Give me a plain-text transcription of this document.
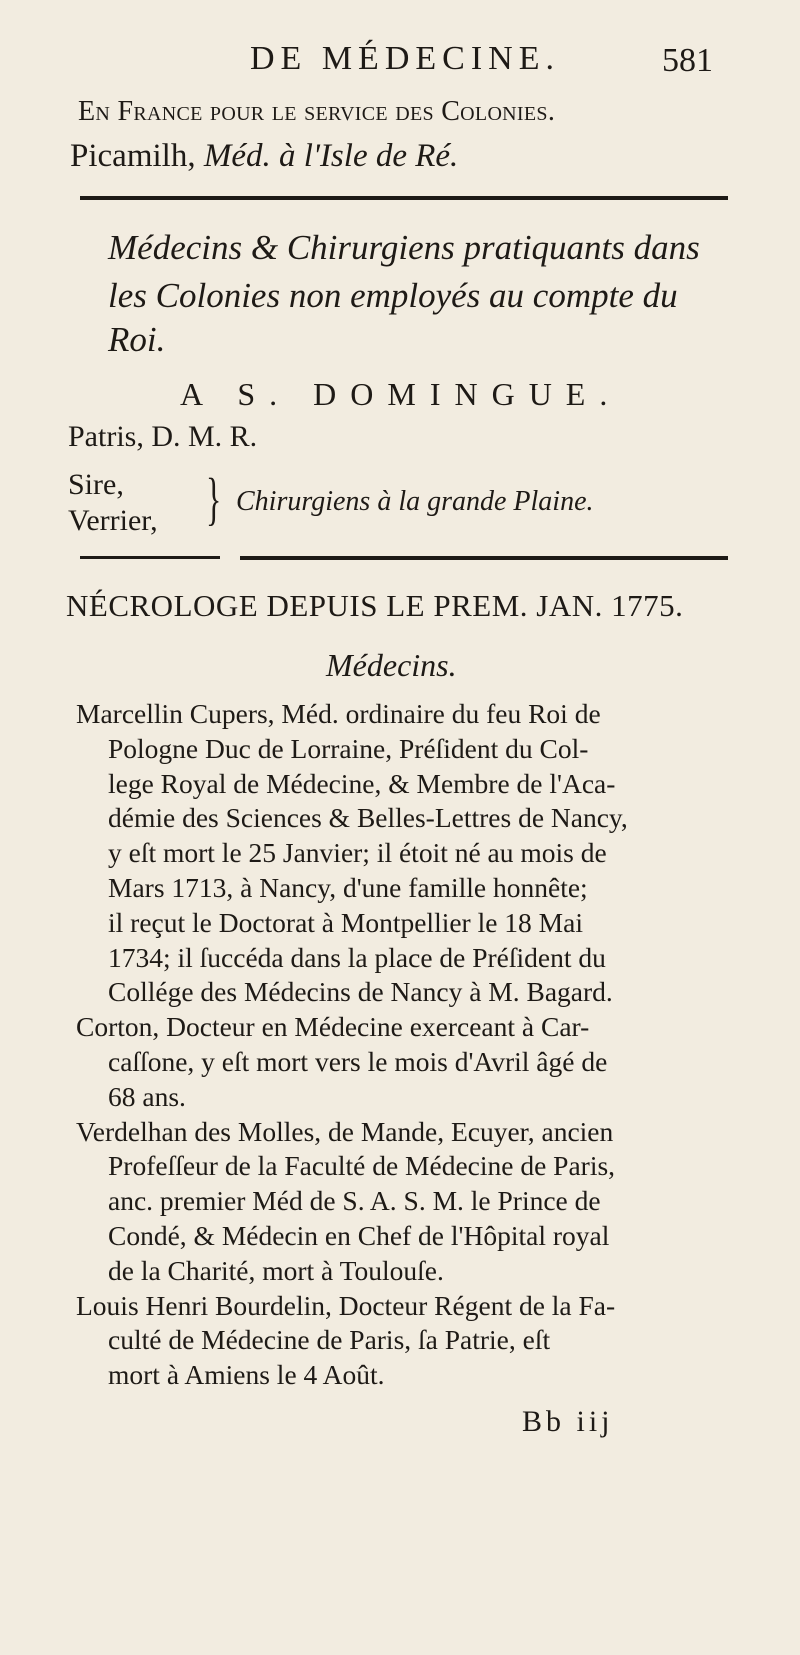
DE MÉDECINE.	581
En France pour le service des Colonies.
Picamilh, Méd. à l'Isle de Ré.
Médecins & Chirurgiens pratiquants dans
les Colonies non employés au compte du
Roi.
A S. DOMINGUE.
Patris, D. M. R.
Sire,
Verrier, } Chirurgiens à la grande Plaine.
NÉCROLOGE DEPUIS LE PREM. JAN. 1775.
Médecins.
Marcellin Cupers, Méd. ordinaire du feu Roi de
Pologne Duc de Lorraine, Préſident du Col-
lege Royal de Médecine, & Membre de l'Aca-
démie des Sciences & Belles-Lettres de Nancy,
y eſt mort le 25 Janvier; il étoit né au mois de
Mars 1713, à Nancy, d'une famille honnête;
il reçut le Doctorat à Montpellier le 18 Mai
1734; il ſuccéda dans la place de Préſident du
Collége des Médecins de Nancy à M. Bagard.
Corton, Docteur en Médecine exerceant à Car-
caſſone, y eſt mort vers le mois d'Avril âgé de
68 ans.
Verdelhan des Molles, de Mande, Ecuyer, ancien
Profeſſeur de la Faculté de Médecine de Paris,
anc. premier Méd de S. A. S. M. le Prince de
Condé, & Médecin en Chef de l'Hôpital royal
de la Charité, mort à Toulouſe.
Louis Henri Bourdelin, Docteur Régent de la Fa-
culté de Médecine de Paris, ſa Patrie, eſt
mort à Amiens le 4 Août.
Bb iij
